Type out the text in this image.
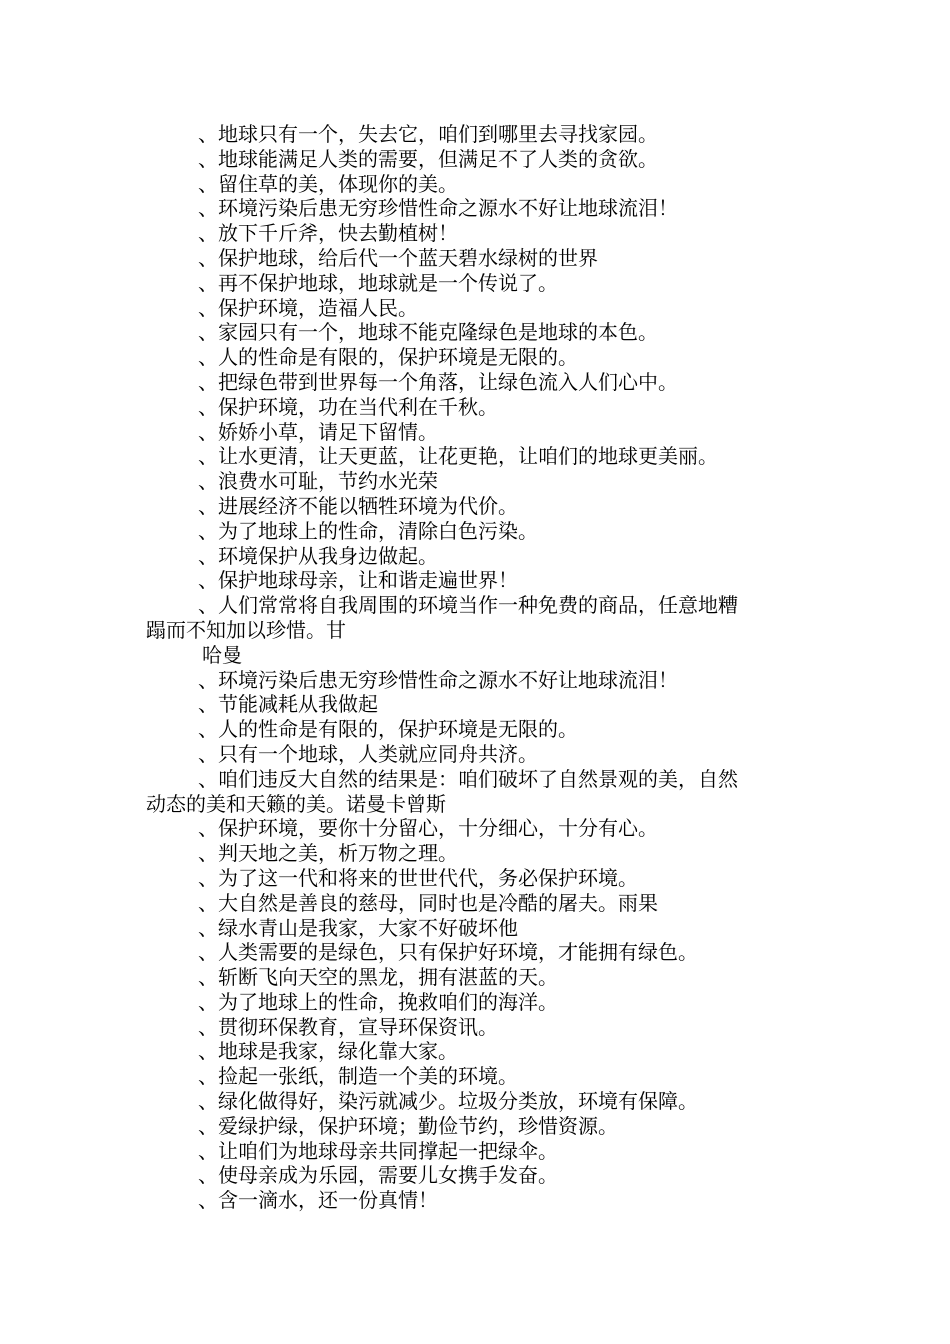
、地球只有一个，失去它，咱们到哪里去寻找家园。
、地球能满足人类的需要，但满足不了人类的贪欲。
、留住草的美，体现你的美。
、环境污染后患无穷珍惜性命之源水不好让地球流泪！
、放下千斤斧，快去勤植树！
、保护地球，给后代一个蓝天碧水绿树的世界
、再不保护地球，地球就是一个传说了。
、保护环境，造福人民。
、家园只有一个，地球不能克隆绿色是地球的本色。
、人的性命是有限的，保护环境是无限的。
、把绿色带到世界每一个角落，让绿色流入人们心中。
、保护环境，功在当代利在千秋。
、娇娇小草，请足下留情。
、让水更清，让天更蓝，让花更艳，让咱们的地球更美丽。
、浪费水可耻，节约水光荣
、进展经济不能以牺牲环境为代价。
、为了地球上的性命，清除白色污染。
、环境保护从我身边做起。
、保护地球母亲，让和谐走遍世界！
、人们常常将自我周围的环境当作一种免费的商品，任意地糟
蹋而不知加以珍惜。甘
哈曼
、环境污染后患无穷珍惜性命之源水不好让地球流泪！
、节能减耗从我做起
、人的性命是有限的，保护环境是无限的。
、只有一个地球，人类就应同舟共济。
、咱们违反大自然的结果是：咱们破坏了自然景观的美，自然
动态的美和天籁的美。诺曼卡曾斯
、保护环境，要你十分留心，十分细心，十分有心。
、判天地之美，析万物之理。
、为了这一代和将来的世世代代，务必保护环境。
、大自然是善良的慈母，同时也是冷酷的屠夫。雨果
、绿水青山是我家，大家不好破坏他
、人类需要的是绿色，只有保护好环境，才能拥有绿色。
、斩断飞向天空的黑龙，拥有湛蓝的天。
、为了地球上的性命，挽救咱们的海洋。
、贯彻环保教育，宣导环保资讯。
、地球是我家，绿化靠大家。
、捡起一张纸，制造一个美的环境。
、绿化做得好，染污就减少。垃圾分类放，环境有保障。
、爱绿护绿，保护环境；勤俭节约，珍惜资源。
、让咱们为地球母亲共同撑起一把绿伞。
、使母亲成为乐园，需要儿女携手发奋。
、含一滴水，还一份真情！
